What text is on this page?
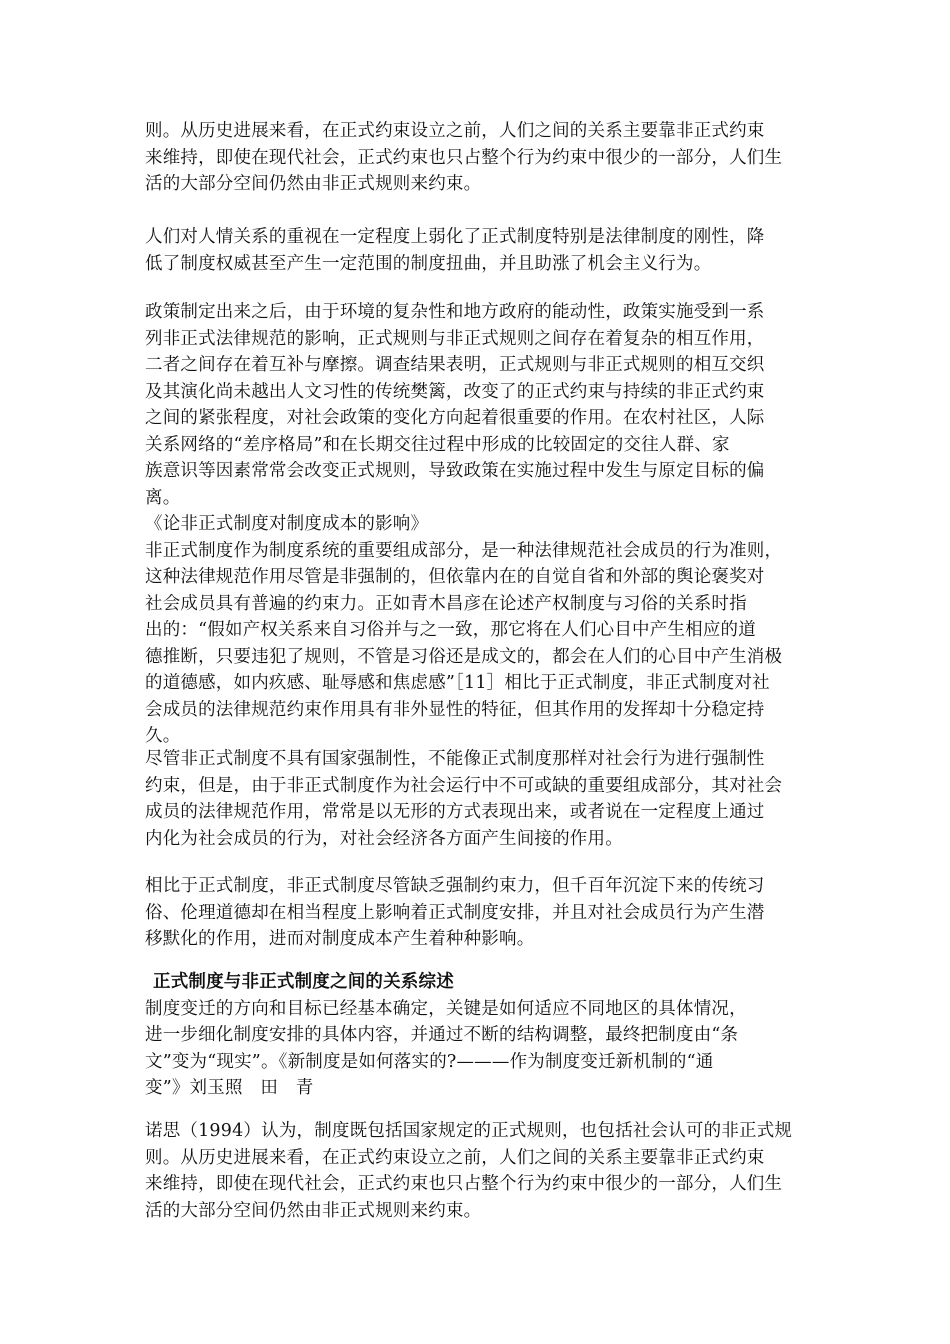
则。从历史进展来看，在正式约束设立之前，人们之间的关系主要靠非正式约束
来维持，即使在现代社会，正式约束也只占整个行为约束中很少的一部分，人们生
活的大部分空间仍然由非正式规则来约束。
人们对人情关系的重视在一定程度上弱化了正式制度特别是法律制度的刚性，降
低了制度权威甚至产生一定范围的制度扭曲，并且助涨了机会主义行为。
政策制定出来之后，由于环境的复杂性和地方政府的能动性，政策实施受到一系
列非正式法律规范的影响，正式规则与非正式规则之间存在着复杂的相互作用，
二者之间存在着互补与摩擦。调查结果表明，正式规则与非正式规则的相互交织
及其演化尚未越出人文习性的传统樊篱，改变了的正式约束与持续的非正式约束
之间的紧张程度，对社会政策的变化方向起着很重要的作用。在农村社区，人际
关系网络的“差序格局”和在长期交往过程中形成的比较固定的交往人群、家
族意识等因素常常会改变正式规则，导致政策在实施过程中发生与原定目标的偏
离。
《论非正式制度对制度成本的影响》
非正式制度作为制度系统的重要组成部分，是一种法律规范社会成员的行为准则，
这种法律规范作用尽管是非强制的，但依靠内在的自觉自省和外部的舆论褒奖对
社会成员具有普遍的约束力。正如青木昌彦在论述产权制度与习俗的关系时指
出的：“假如产权关系来自习俗并与之一致，那它将在人们心目中产生相应的道
德推断，只要违犯了规则，不管是习俗还是成文的，都会在人们的心目中产生消极
的道德感，如内疚感、耻辱感和焦虑感”［11］相比于正式制度，非正式制度对社
会成员的法律规范约束作用具有非外显性的特征，但其作用的发挥却十分稳定持
久。
尽管非正式制度不具有国家强制性，不能像正式制度那样对社会行为进行强制性
约束，但是，由于非正式制度作为社会运行中不可或缺的重要组成部分，其对社会
成员的法律规范作用，常常是以无形的方式表现出来，或者说在一定程度上通过
内化为社会成员的行为，对社会经济各方面产生间接的作用。
相比于正式制度，非正式制度尽管缺乏强制约束力，但千百年沉淀下来的传统习
俗、伦理道德却在相当程度上影响着正式制度安排，并且对社会成员行为产生潜
移默化的作用，进而对制度成本产生着种种影响。
正式制度与非正式制度之间的关系综述
制度变迁的方向和目标已经基本确定，关键是如何适应不同地区的具体情况，
进一步细化制度安排的具体内容，并通过不断的结构调整，最终把制度由“条
文”变为“现实”。《新制度是如何落实的?———作为制度变迁新机制的“通
变”》刘玉照　田　青
诺思（1994）认为，制度既包括国家规定的正式规则，也包括社会认可的非正式规
则。从历史进展来看，在正式约束设立之前，人们之间的关系主要靠非正式约束
来维持，即使在现代社会，正式约束也只占整个行为约束中很少的一部分，人们生
活的大部分空间仍然由非正式规则来约束。
